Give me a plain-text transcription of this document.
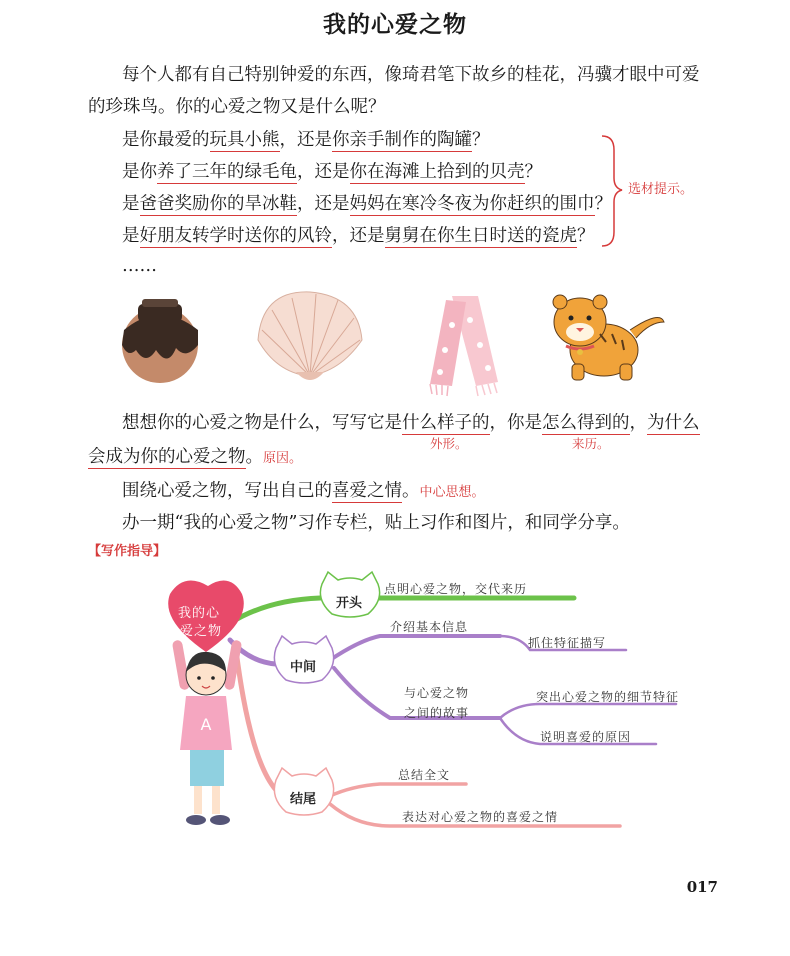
我的心爱之物
每个人都有自己特别钟爱的东西，像琦君笔下故乡的桂花，冯骥才眼中可爱
的珍珠鸟。你的心爱之物又是什么呢？
是你最爱的玩具小熊，还是你亲手制作的陶罐？
是你养了三年的绿毛龟，还是你在海滩上拾到的贝壳？
是爸爸奖励你的旱冰鞋，还是妈妈在寒冷冬夜为你赶织的围巾？
是好朋友转学时送你的风铃，还是舅舅在你生日时送的瓷虎？
……
选材提示。
想想你的心爱之物是什么，写写它是什么样子的，你是怎么得到的，为什么
外形。	来历。
会成为你的心爱之物。原因。
围绕心爱之物，写出自己的喜爱之情。中心思想。
办一期“我的心爱之物”习作专栏，贴上习作和图片，和同学分享。
【写作指导】
A
我的心
爱之物
开头
中间
结尾
点明心爱之物，交代来历
介绍基本信息
抓住特征描写
与心爱之物
之间的故事
突出心爱之物的细节特征
说明喜爱的原因
总结全文
表达对心爱之物的喜爱之情
017
